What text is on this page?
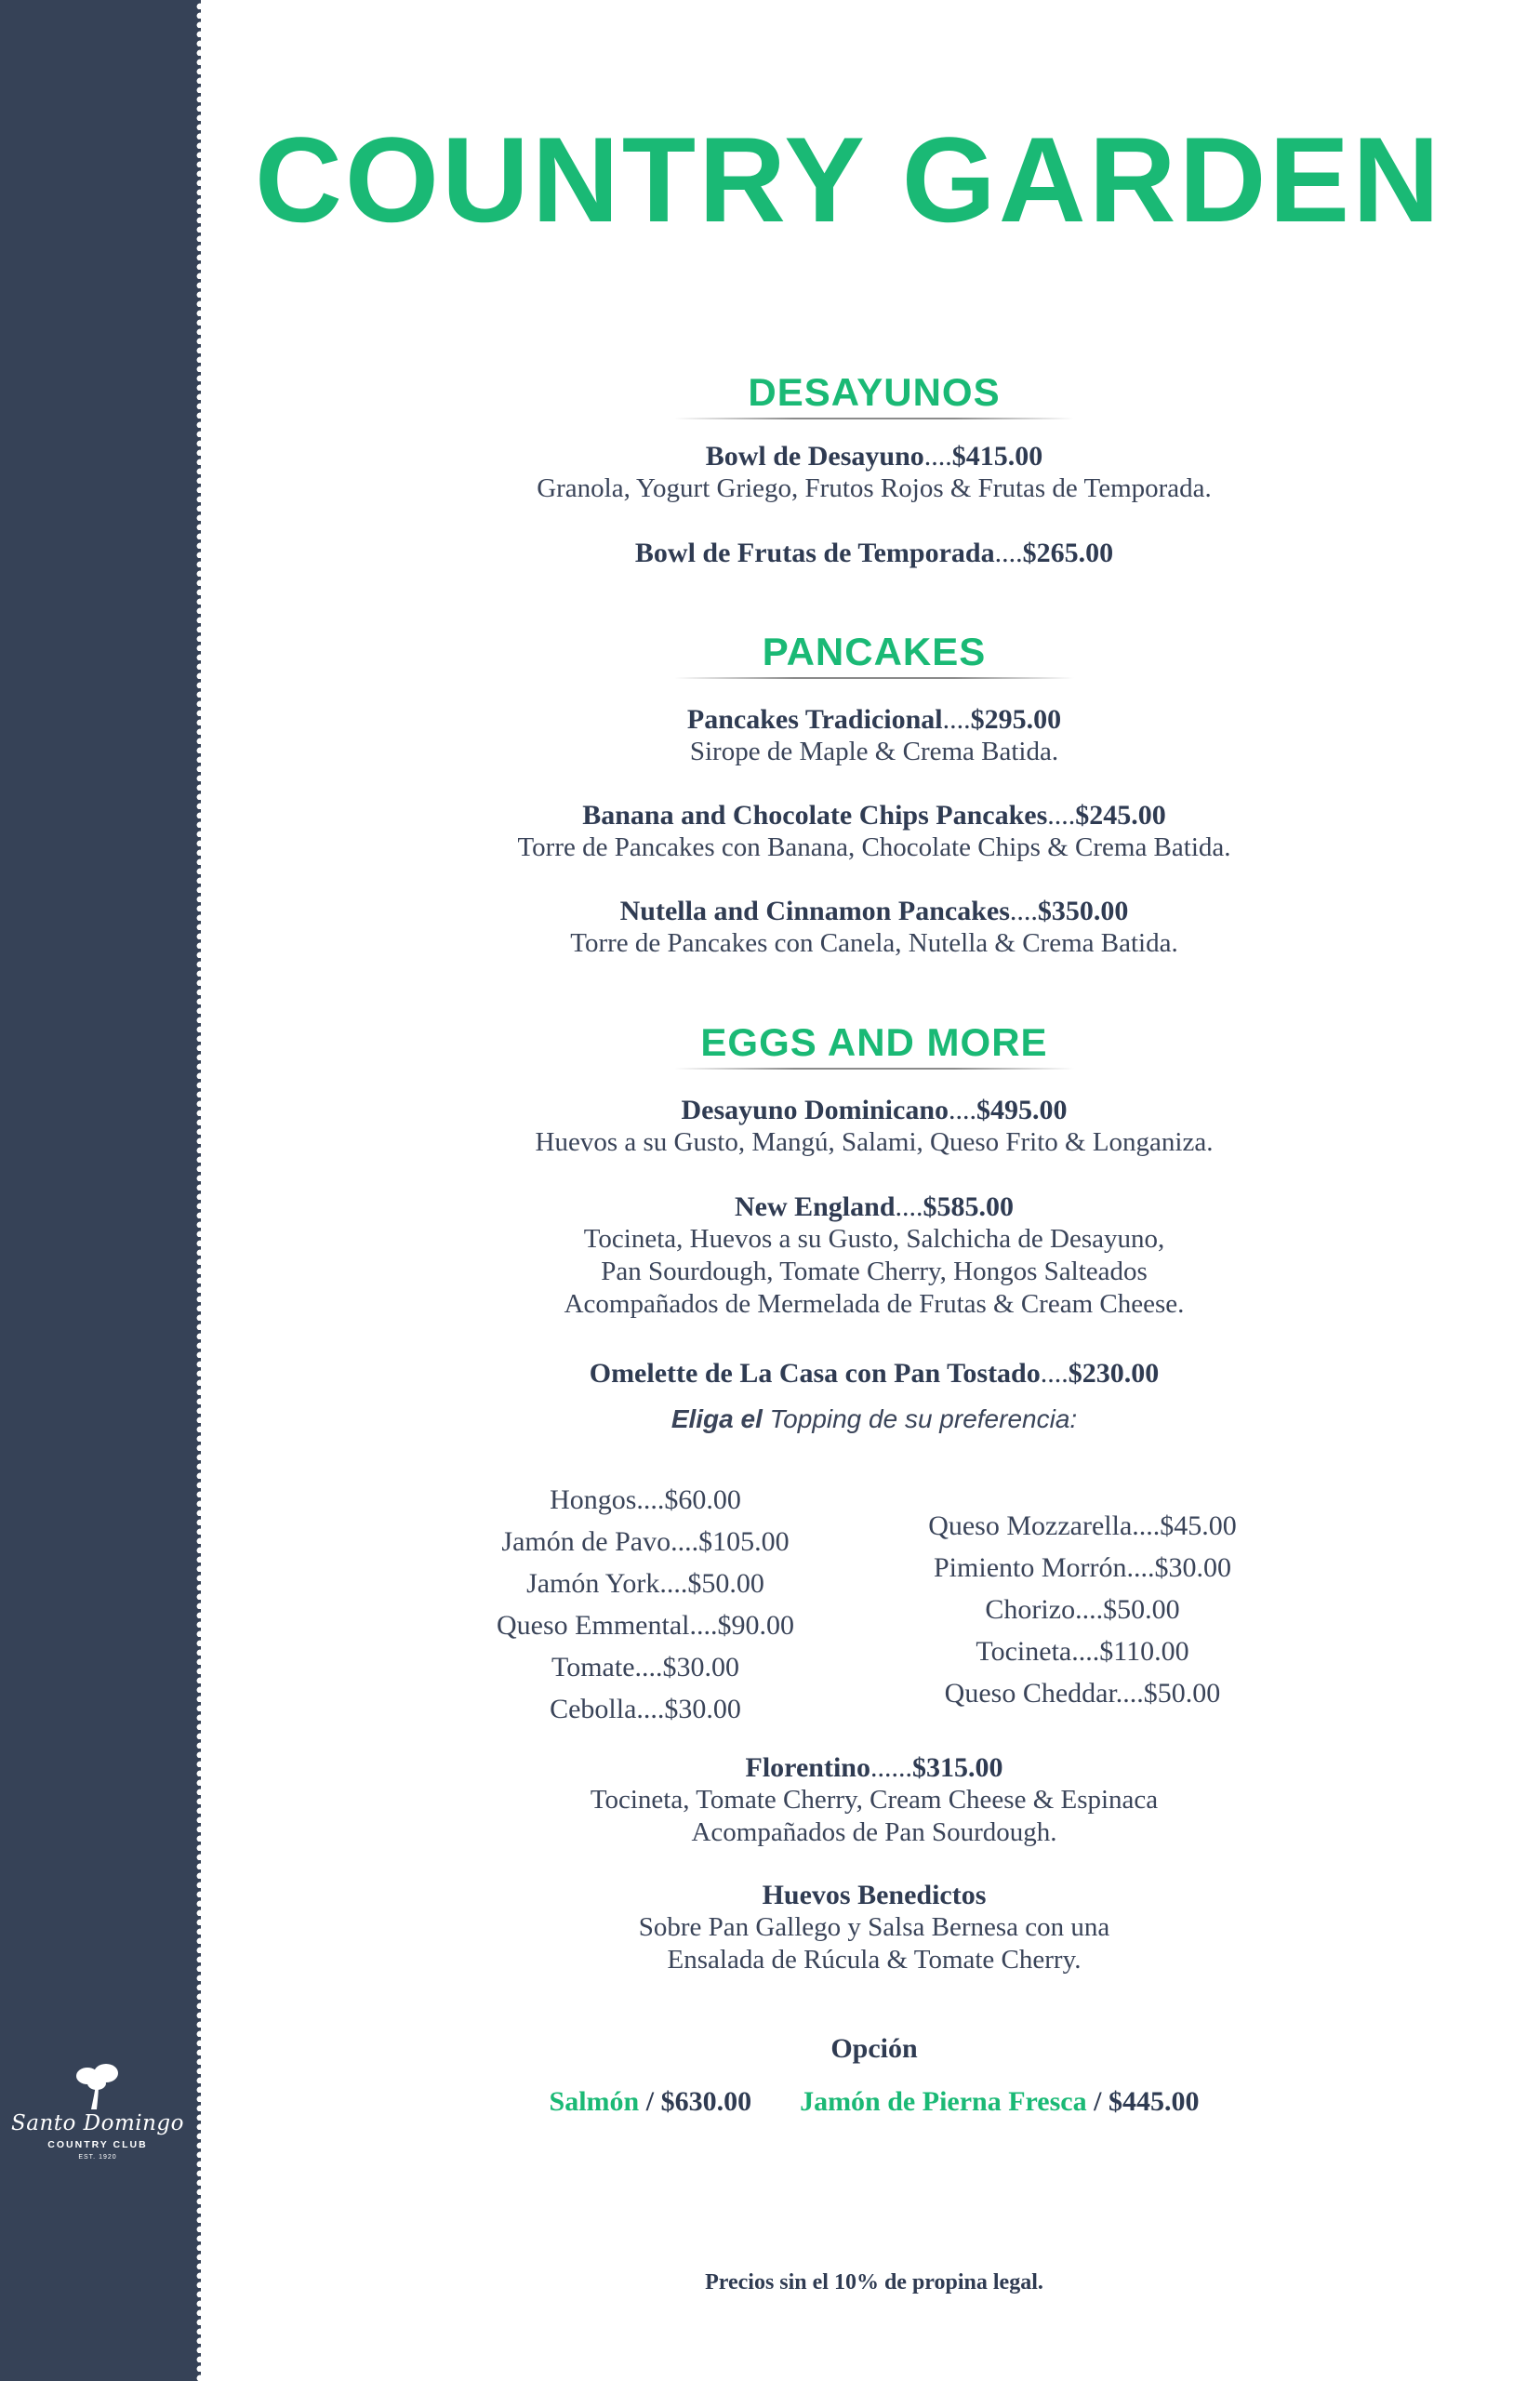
Santo Domingo
COUNTRY CLUB
EST. 1920
COUNTRY GARDEN
DESAYUNOS
Bowl de Desayuno....$415.00
Granola, Yogurt Griego, Frutos Rojos & Frutas de Temporada.
Bowl de Frutas de Temporada....$265.00
PANCAKES
Pancakes Tradicional....$295.00
Sirope de Maple & Crema Batida.
Banana and Chocolate Chips Pancakes....$245.00
Torre de Pancakes con Banana, Chocolate Chips & Crema Batida.
Nutella and Cinnamon Pancakes....$350.00
Torre de Pancakes con Canela, Nutella & Crema Batida.
EGGS AND MORE
Desayuno Dominicano....$495.00
Huevos a su Gusto, Mangú, Salami, Queso Frito & Longaniza.
New England....$585.00
Tocineta, Huevos a su Gusto, Salchicha de Desayuno,
Pan Sourdough, Tomate Cherry, Hongos Salteados
Acompañados de Mermelada de Frutas & Cream Cheese.
Omelette de La Casa con Pan Tostado....$230.00
Eliga el Topping de su preferencia:
Hongos....$60.00
Jamón de Pavo....$105.00
Jamón York....$50.00
Queso Emmental....$90.00
Tomate....$30.00
Cebolla....$30.00
Queso Mozzarella....$45.00
Pimiento Morrón....$30.00
Chorizo....$50.00
Tocineta....$110.00
Queso Cheddar....$50.00
Florentino......$315.00
Tocineta, Tomate Cherry, Cream Cheese & Espinaca
Acompañados de Pan Sourdough.
Huevos Benedictos
Sobre Pan Gallego y Salsa Bernesa con una
Ensalada de Rúcula & Tomate Cherry.
Opción
Salmón / $630.00 Jamón de Pierna Fresca / $445.00
Precios sin el 10% de propina legal.
